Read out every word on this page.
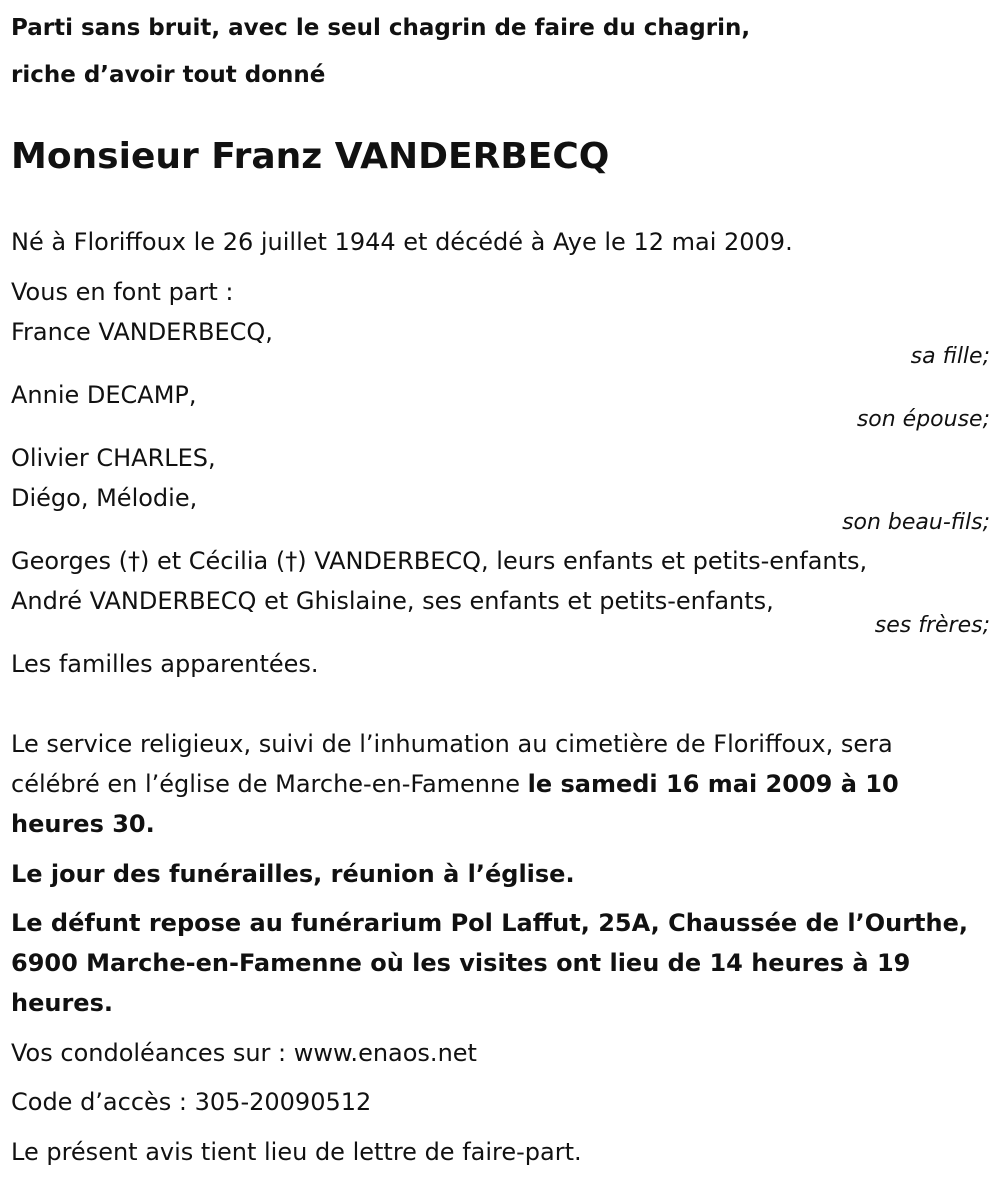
Parti sans bruit, avec le seul chagrin de faire du chagrin,
riche d’avoir tout donné
Monsieur Franz VANDERBECQ
Né à Floriffoux le 26 juillet 1944 et décédé à Aye le 12 mai 2009.
Vous en font part :
France VANDERBECQ,
sa fille;
Annie DECAMP,
son épouse;
Olivier CHARLES,
Diégo, Mélodie,
son beau-fils;
Georges (†) et Cécilia (†) VANDERBECQ, leurs enfants et petits-enfants,
André VANDERBECQ et Ghislaine, ses enfants et petits-enfants,
ses frères;
Les familles apparentées.
Le service religieux, suivi de l’inhumation au cimetière de Floriffoux, sera
célébré en l’église de Marche-en-Famenne le samedi 16 mai 2009 à 10
heures 30.
Le jour des funérailles, réunion à l’église.
Le défunt repose au funérarium Pol Laffut, 25A, Chaussée de l’Ourthe,
6900 Marche-en-Famenne où les visites ont lieu de 14 heures à 19
heures.
Vos condoléances sur : www.enaos.net
Code d’accès : 305-20090512
Le présent avis tient lieu de lettre de faire-part.
